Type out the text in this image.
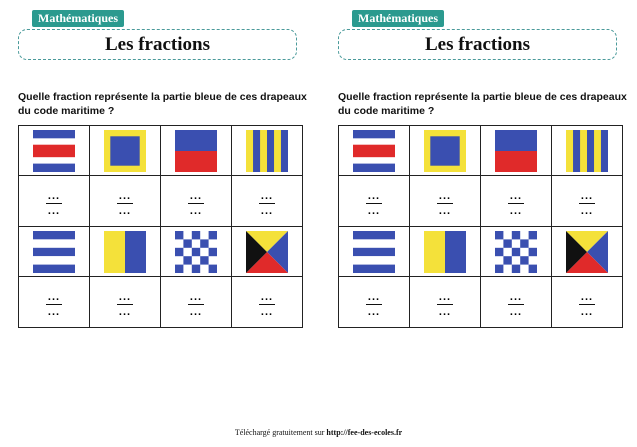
Mathématiques
Les fractions
Quelle fraction représente la partie bleue de ces drapeaux du code maritime ?

$\frac{...}{...}$	$\frac{...}{...}$	$\frac{...}{...}$	$\frac{...}{...}$

$\frac{...}{...}$	$\frac{...}{...}$	$\frac{...}{...}$	$\frac{...}{...}$
Mathématiques
Les fractions
Quelle fraction représente la partie bleue de ces drapeaux du code maritime ?

$\frac{...}{...}$	$\frac{...}{...}$	$\frac{...}{...}$	$\frac{...}{...}$

$\frac{...}{...}$	$\frac{...}{...}$	$\frac{...}{...}$	$\frac{...}{...}$
Téléchargé gratuitement sur http://fee-des-ecoles.fr
